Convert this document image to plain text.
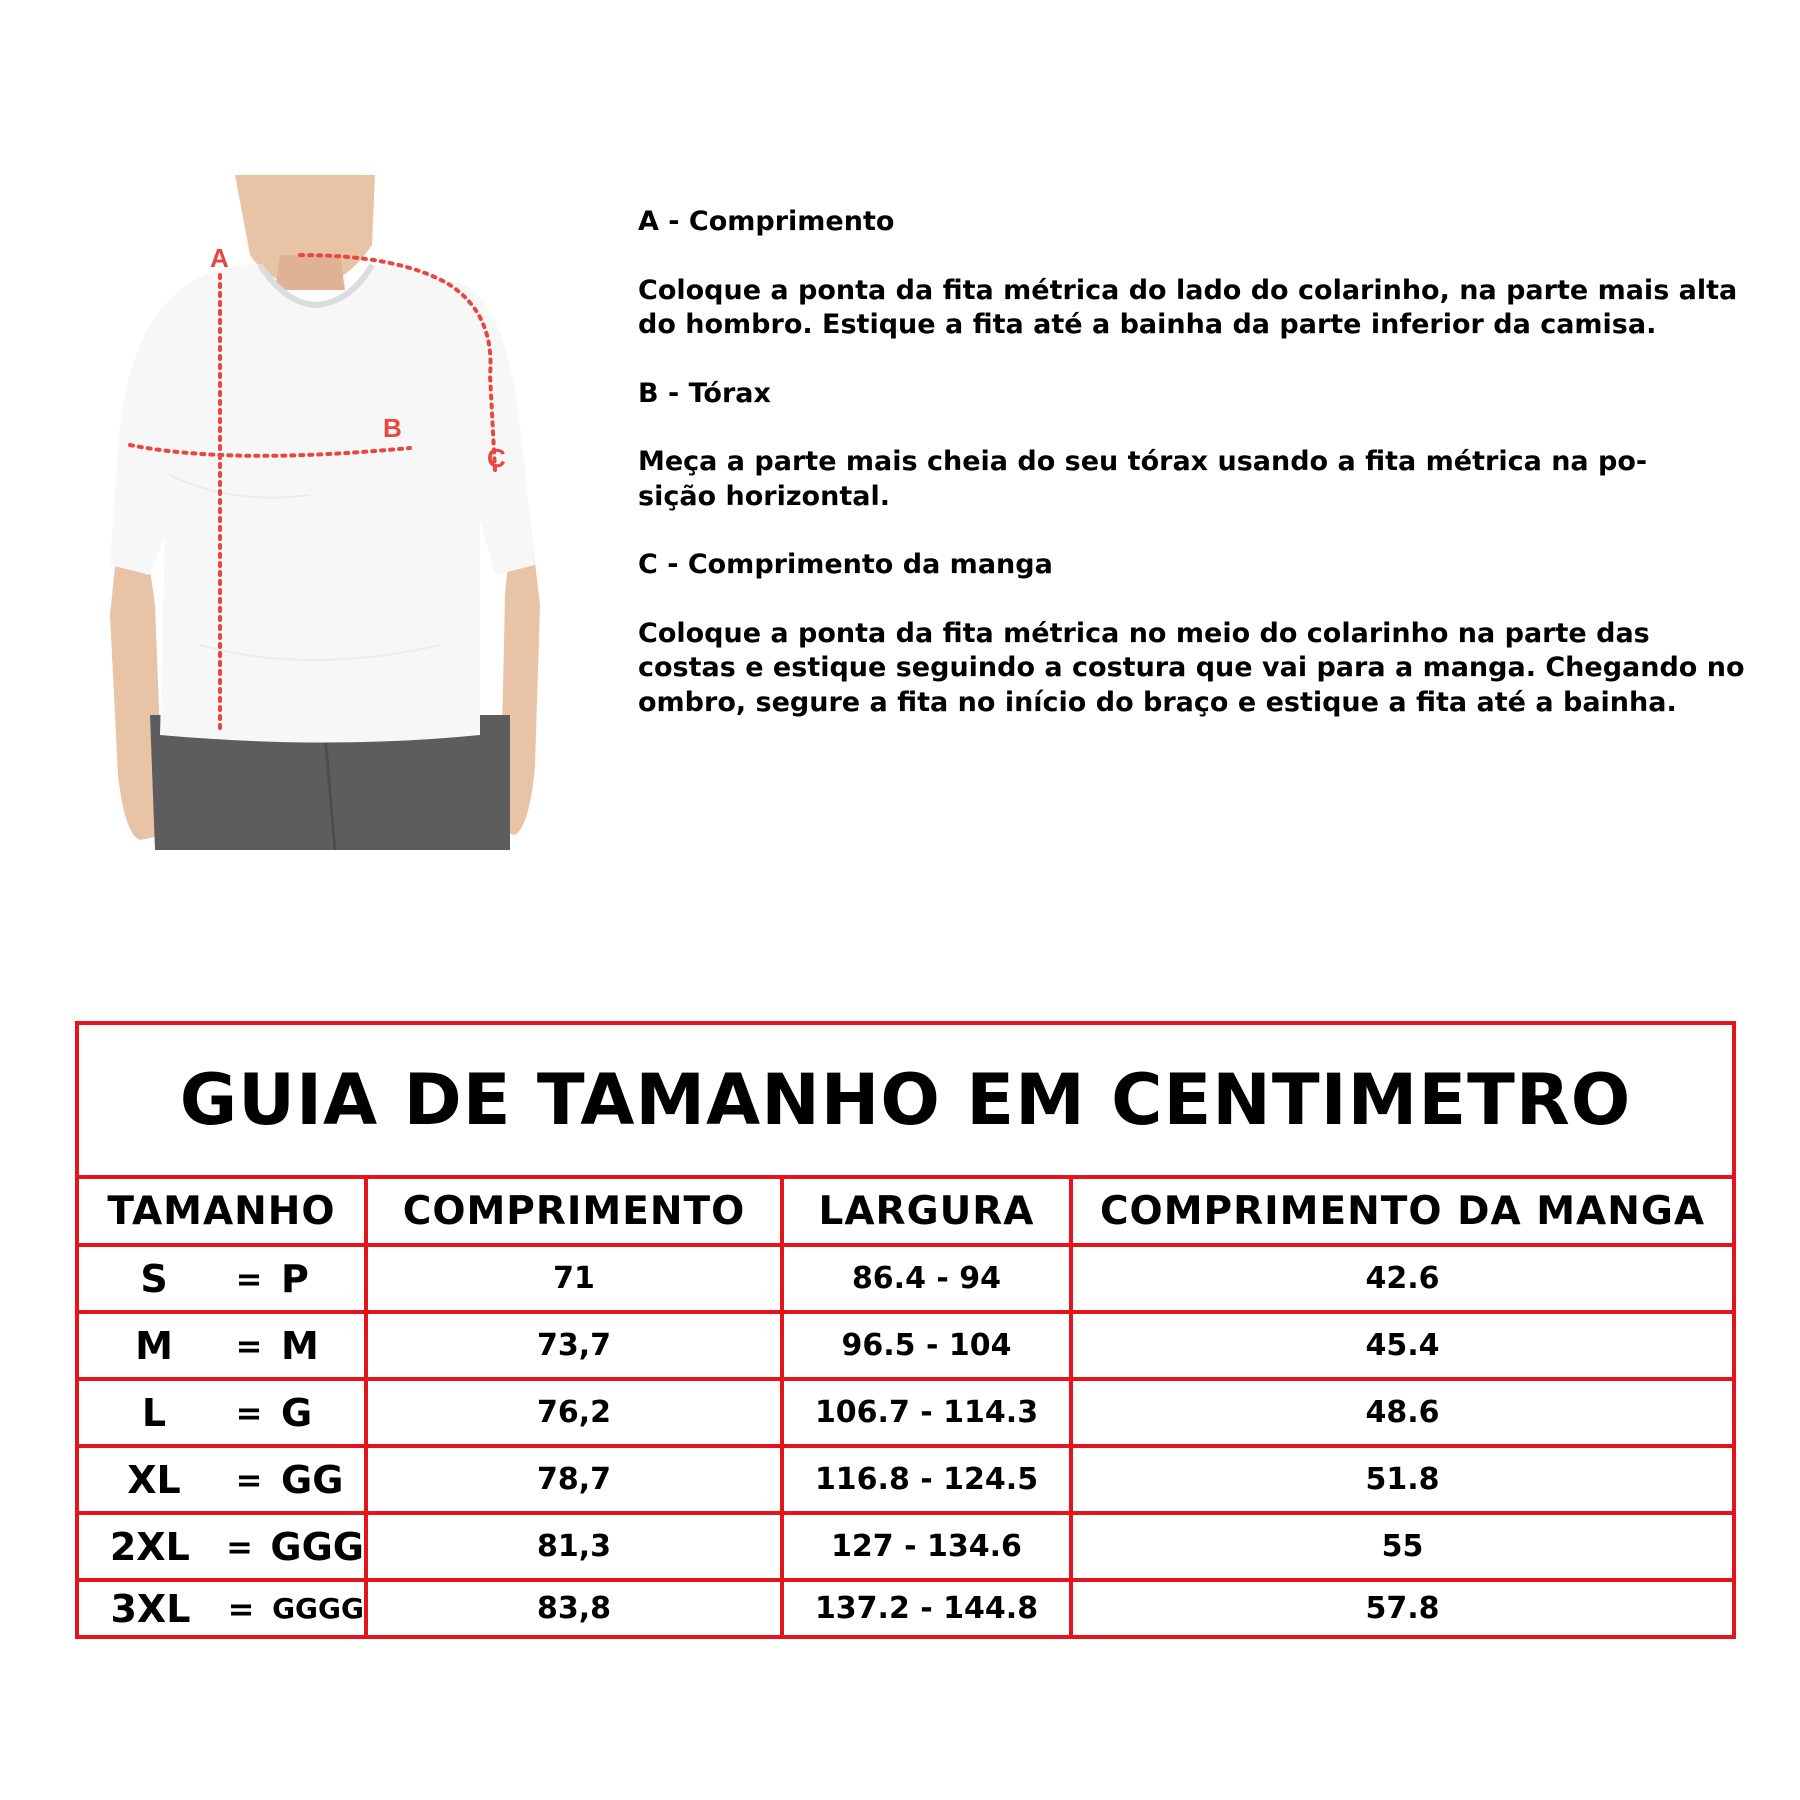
A
B
C

A - Comprimento

Coloque a ponta da fita métrica do lado do colarinho, na parte mais alta do hombro. Estique a fita até a bainha da parte inferior da camisa.

B - Tórax

Meça a parte mais cheia do seu tórax usando a fita métrica na po-
sição horizontal.

C - Comprimento da manga

Coloque a ponta da fita métrica no meio do colarinho na parte das costas e estique seguindo a costura que vai para a manga. Chegando no ombro, segure a fita no início do braço e estique a fita até a bainha.

GUIA DE TAMANHO EM CENTIMETRO
TAMANHO	COMPRIMENTO	LARGURA	COMPRIMENTO DA MANGA
S	= P	71	86.4 - 94	42.6
M	= M	73,7	96.5 - 104	45.4
L	= G	76,2	106.7 - 114.3	48.6
XL	= GG	78,7	116.8 - 124.5	51.8
2XL	= GGG	81,3	127 - 134.6	55
3XL	= GGGG	83,8	137.2 - 144.8	57.8
